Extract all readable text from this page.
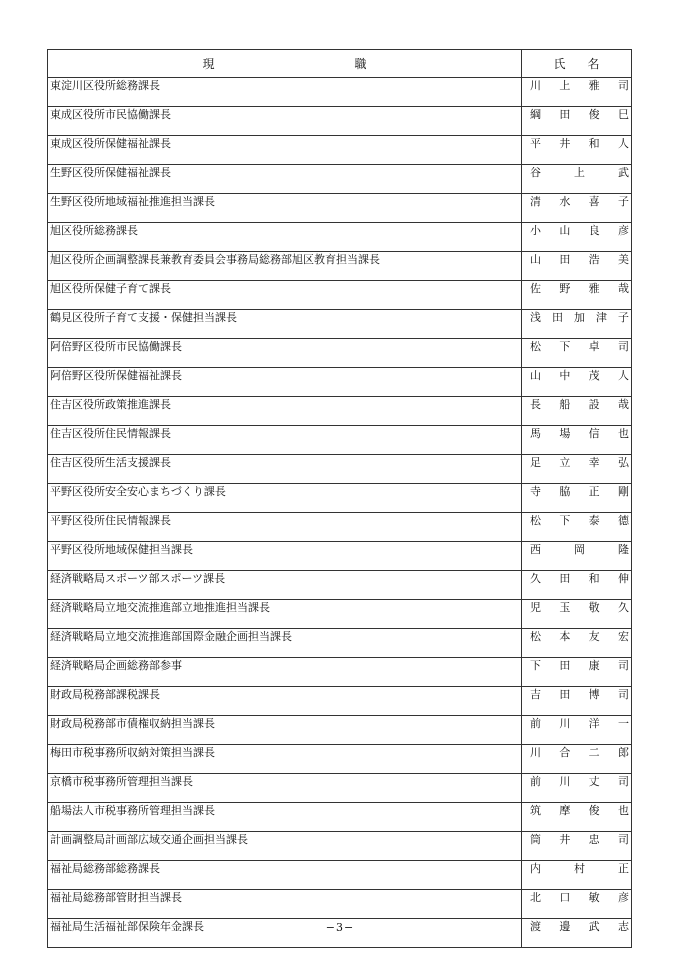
現 職	氏 名
東淀川区役所総務課長	川上雅司
東成区役所市民協働課長	綱田俊巳
東成区役所保健福祉課長	平井和人
生野区役所保健福祉課長	谷上武
生野区役所地域福祉推進担当課長	清水喜子
旭区役所総務課長	小山良彦
旭区役所企画調整課長兼教育委員会事務局総務部旭区教育担当課長	山田浩美
旭区役所保健子育て課長	佐野雅哉
鶴見区役所子育て支援・保健担当課長	浅田加津子
阿倍野区役所市民協働課長	松下卓司
阿倍野区役所保健福祉課長	山中茂人
住吉区役所政策推進課長	長船設哉
住吉区役所住民情報課長	馬場信也
住吉区役所生活支援課長	足立幸弘
平野区役所安全安心まちづくり課長	寺脇正剛
平野区役所住民情報課長	松下泰德
平野区役所地域保健担当課長	西岡隆
経済戦略局スポーツ部スポーツ課長	久田和伸
経済戦略局立地交流推進部立地推進担当課長	児玉敬久
経済戦略局立地交流推進部国際金融企画担当課長	松本友宏
経済戦略局企画総務部参事	下田康司
財政局税務部課税課長	吉田博司
財政局税務部市債権収納担当課長	前川洋一
梅田市税事務所収納対策担当課長	川合二郎
京橋市税事務所管理担当課長	前川丈司
船場法人市税事務所管理担当課長	筑摩俊也
計画調整局計画部広域交通企画担当課長	筒井忠司
福祉局総務部総務課長	内村正
福祉局総務部管財担当課長	北口敏彦
福祉局生活福祉部保険年金課長	渡邊武志
−3−
